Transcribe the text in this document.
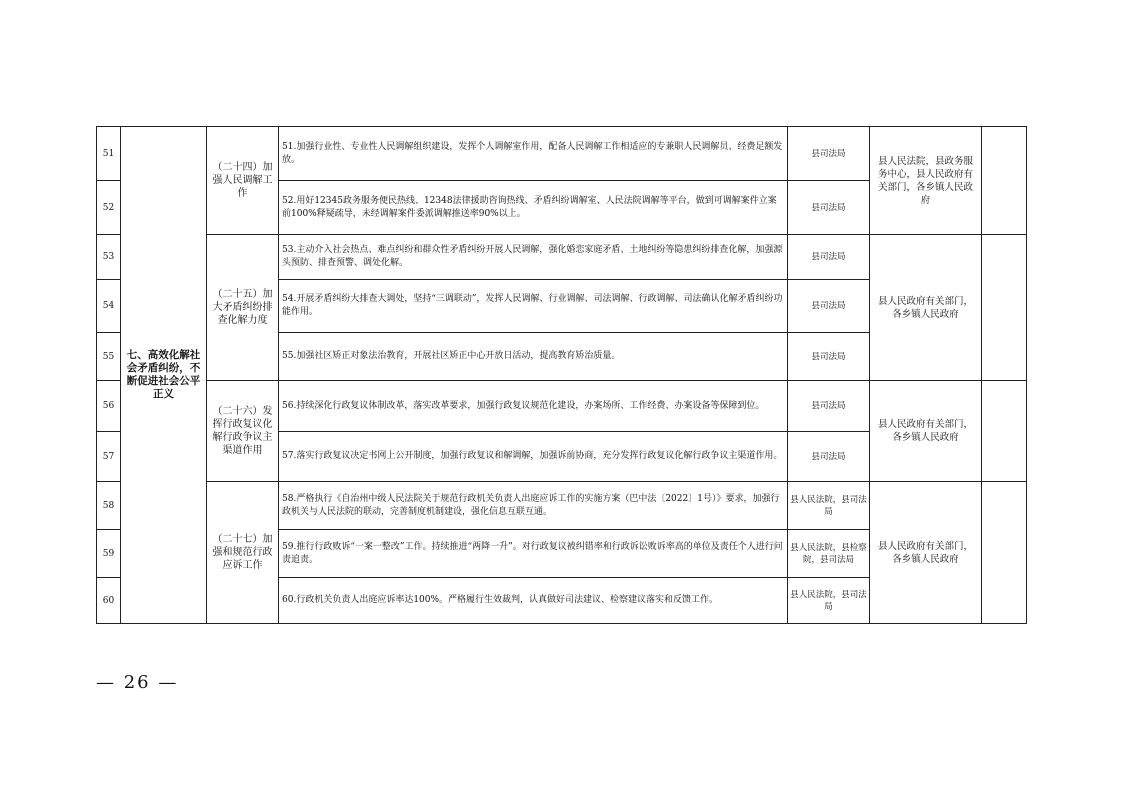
51	七、高效化解社会矛盾纠纷，不断促进社会公平正义	（二十四）加强人民调解工作	51.加强行业性、专业性人民调解组织建设，发挥个人调解室作用，配备人民调解工作相适应的专兼职人民调解员、经费足额发放。	县司法局	县人民法院，县政务服务中心，县人民政府有关部门，各乡镇人民政府	
52			52.用好12345政务服务便民热线、12348法律援助咨询热线、矛盾纠纷调解室、人民法院调解等平台，做到可调解案件立案前100%释疑疏导，未经调解案件委派调解推送率90%以上。	县司法局		
53		（二十五）加大矛盾纠纷排查化解力度	53.主动介入社会热点、难点纠纷和群众性矛盾纠纷开展人民调解，强化婚恋家庭矛盾、土地纠纷等隐患纠纷排查化解，加强源头预防、排查预警、调处化解。	县司法局	县人民政府有关部门，各乡镇人民政府	
54			54.开展矛盾纠纷大排查大调处，坚持“三调联动”，发挥人民调解、行业调解、司法调解、行政调解、司法确认化解矛盾纠纷功能作用。	县司法局		
55			55.加强社区矫正对象法治教育，开展社区矫正中心开放日活动，提高教育矫治质量。	县司法局		
56		（二十六）发挥行政复议化解行政争议主渠道作用	56.持续深化行政复议体制改革，落实改革要求，加强行政复议规范化建设，办案场所、工作经费、办案设备等保障到位。	县司法局	县人民政府有关部门，各乡镇人民政府	
57			57.落实行政复议决定书网上公开制度，加强行政复议和解调解，加强诉前协商，充分发挥行政复议化解行政争议主渠道作用。	县司法局		
58		（二十七）加强和规范行政应诉工作	58.严格执行《自治州中级人民法院关于规范行政机关负责人出庭应诉工作的实施方案（巴中法〔2022〕1号）》要求，加强行政机关与人民法院的联动，完善制度机制建设，强化信息互联互通。	县人民法院，县司法局	县人民政府有关部门，各乡镇人民政府	
59			59.推行行政败诉“一案一整改”工作。持续推进“两降一升”。对行政复议被纠错率和行政诉讼败诉率高的单位及责任个人进行问责追责。	县人民法院，县检察院，县司法局		
60			60.行政机关负责人出庭应诉率达100%。严格履行生效裁判，认真做好司法建议、检察建议落实和反馈工作。	县人民法院，县司法局		
— 26 —
